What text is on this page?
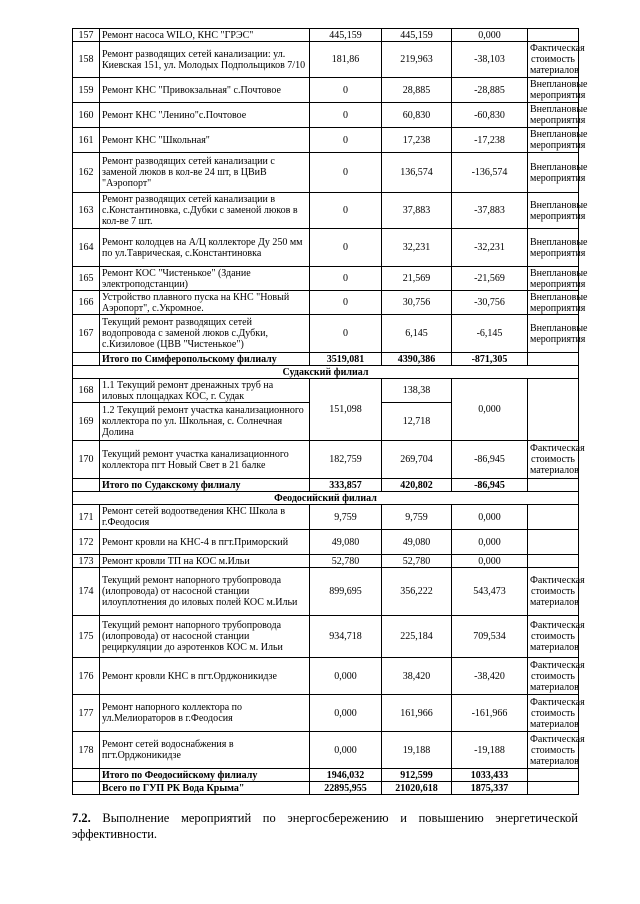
157	Ремонт насоса WILO, КНС "ГРЭС"	445,159	445,159	0,000	
158	Ремонт разводящих сетей канализации: ул. Киевская 151, ул. Молодых Подпольщиков 7/10	181,86	219,963	-38,103	Фактическая стоимость материалов
159	Ремонт КНС "Привокзальная" с.Почтовое	0	28,885	-28,885	Внеплановые мероприятия
160	Ремонт КНС "Ленино"с.Почтовое	0	60,830	-60,830	Внеплановые мероприятия
161	Ремонт КНС "Школьная"	0	17,238	-17,238	Внеплановые мероприятия
162	Ремонт разводящих сетей канализации с заменой люков в кол-ве 24 шт, в ЦВиВ "Аэропорт"	0	136,574	-136,574	Внеплановые мероприятия
163	Ремонт разводящих сетей канализации в с.Константиновка, с.Дубки с заменой люков в кол-ве 7 шт.	0	37,883	-37,883	Внеплановые мероприятия
164	Ремонт колодцев на А/Ц коллекторе Ду 250 мм по ул.Таврическая, с.Константиновка	0	32,231	-32,231	Внеплановые мероприятия
165	Ремонт КОС "Чистенькое" (Здание электроподстанции)	0	21,569	-21,569	Внеплановые мероприятия
166	Устройство плавного пуска на КНС "Новый Аэропорт", с.Укромное.	0	30,756	-30,756	Внеплановые мероприятия
167	Текущий ремонт разводящих сетей водопровода с заменой люков с.Дубки, с.Кизиловое (ЦВВ "Чистенькое")	0	6,145	-6,145	Внеплановые мероприятия
	Итого по Симферопольскому филиалу	3519,081	4390,386	-871,305	
Судакский филиал					
168	1.1 Текущий ремонт дренажных труб на иловых площадках КОС, г. Судак	151,098	138,38	0,000	
169	1.2 Текущий ремонт участка канализационного коллектора по ул. Школьная, с. Солнечная Долина		12,718		
170	Текущий ремонт участка канализационного коллектора пгт Новый Свет в 21 балке	182,759	269,704	-86,945	Фактическая стоимость материалов
	Итого по Судакскому филиалу	333,857	420,802	-86,945	
Феодосийский филиал					
171	Ремонт сетей водоотведения КНС Школа в г.Феодосия	9,759	9,759	0,000	
172	Ремонт кровли на КНС-4 в пгт.Приморский	49,080	49,080	0,000	
173	Ремонт кровли ТП на КОС м.Ильи	52,780	52,780	0,000	
174	Текущий ремонт напорного трубопровода (илопровода) от насосной станции илоуплотнения до иловых полей КОС м.Ильи	899,695	356,222	543,473	Фактическая стоимость материалов
175	Текущий ремонт напорного трубопровода (илопровода) от насосной станции рециркуляции до аэротенков КОС м. Ильи	934,718	225,184	709,534	Фактическая стоимость материалов
176	Ремонт кровли КНС в пгт.Орджоникидзе	0,000	38,420	-38,420	Фактическая стоимость материалов
177	Ремонт напорного коллектора по ул.Мелиораторов в г.Феодосия	0,000	161,966	-161,966	Фактическая стоимость материалов
178	Ремонт сетей водоснабжения в пгт.Орджоникидзе	0,000	19,188	-19,188	Фактическая стоимость материалов
	Итого по Феодосийскому филиалу	1946,032	912,599	1033,433	
	Всего по ГУП РК Вода Крыма"	22895,955	21020,618	1875,337	
7.2. Выполнение мероприятий по энергосбережению и повышению энергетической эффективности.
